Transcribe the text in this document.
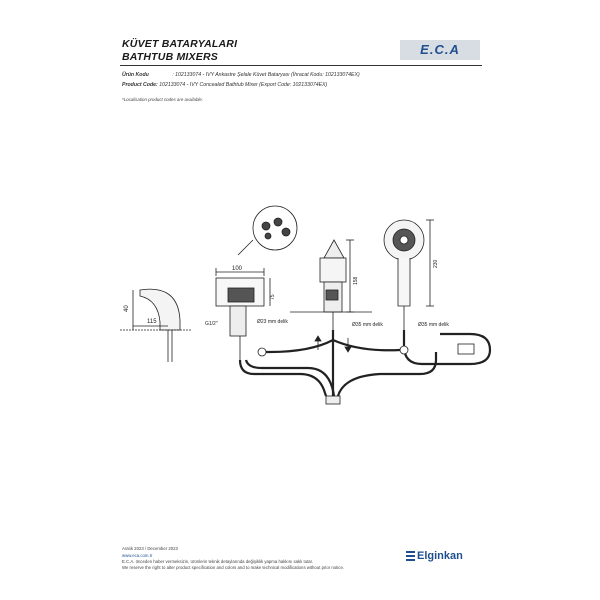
KÜVET BATARYALARI
BATHTUB MIXERS	E.C.A
Ürün Kodu	: 102133074 - IVY Ankastre Şelale Küvet Bataryası (İhracat Kodu: 102133074EX)
Product Code: 102133074 - IVY Concealed Bathtub Mixer (Export Code: 102133074EX)
*Localisation product codes are available.
115
40
100
75
G1/2"	Ø23 mm delik
158
Ø35 mm delik
230
Ø35 mm delik
Aralık 2023 / December 2023
www.eca.com.tr
E.C.A. önceden haber vermeksizin, ürünlerin teknik detaylarında değişiklik yapma hakkını saklı tutar.
We reserve the right to alter product specification and colors and to make technical modifications without prior notice.
Elginkan
